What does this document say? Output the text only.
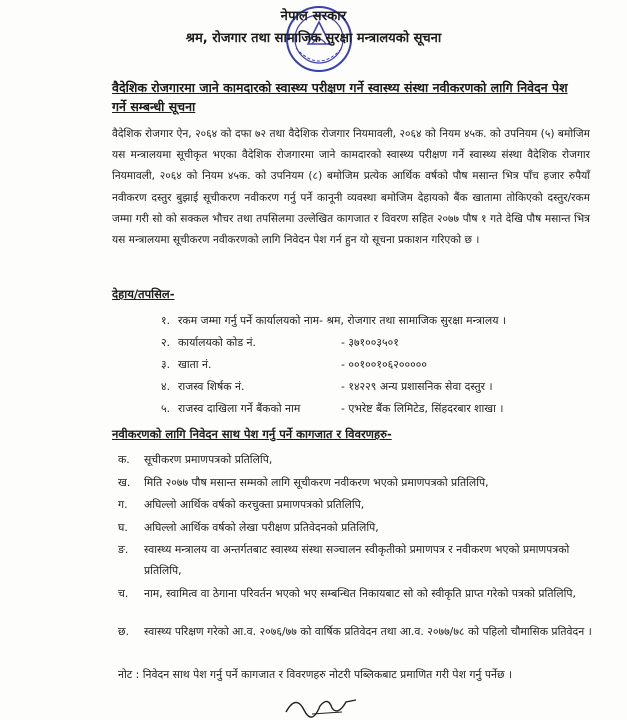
नेपाल सरकार
श्रम, रोजगार तथा सामाजिक सुरक्षा मन्त्रालयको सूचना
वैदेशिक रोजगारमा जाने कामदारको स्वास्थ्य परीक्षण गर्ने स्वास्थ्य संस्था नवीकरणको लागि निवेदन पेश गर्ने सम्बन्धी सूचना
वैदेशिक रोजगार ऐन, २०६४ को दफा ७२ तथा वैदेशिक रोजगार नियमावली, २०६४ को नियम ४५क. को उपनियम (५) बमोजिम यस मन्त्रालयमा सूचीकृत भएका वैदेशिक रोजगारमा जाने कामदारको स्वास्थ्य परीक्षण गर्ने स्वास्थ्य संस्था वैदेशिक रोजगार नियमावली, २०६४ को नियम ४५क. को उपनियम (८) बमोजिम प्रत्येक आर्थिक वर्षको पौष मसान्त भित्र पाँच हजार रुपैयाँ नवीकरण दस्तुर बुझाई सूचीकरण नवीकरण गर्नु पर्ने कानूनी व्यवस्था बमोजिम देहायको बैंक खातामा तोकिएको दस्तुर/रकम जम्मा गरी सो को सक्कल भौचर तथा तपसिलमा उल्लेखित कागजात र विवरण सहित २०७७ पौष १ गते देखि पौष मसान्त भित्र यस मन्त्रालयमा सूचीकरण नवीकरणको लागि निवेदन पेश गर्न हुन यो सूचना प्रकाशन गरिएको छ ।
देहाय/तपसिल-
१. रकम जम्मा गर्नु पर्ने कार्यालयको नाम- श्रम, रोजगार तथा सामाजिक सुरक्षा मन्त्रालय ।
२. कार्यालयको कोड नं.	- ३७१००३५०१
३. खाता नं.	- ००१००१०६२०००००
४. राजस्व शिर्षक नं.	- १४२२९ अन्य प्रशासनिक सेवा दस्तुर ।
५. राजस्व दाखिला गर्ने बैंकको नाम	- एभरेष्ट बैंक लिमिटेड, सिंहदरबार शाखा ।
नवीकरणको लागि निवेदन साथ पेश गर्नु पर्ने कागजात र विवरणहरु-
क.	सूचीकरण प्रमाणपत्रको प्रतिलिपि,
ख.	मिति २०७७ पौष मसान्त सम्मको लागि सूचीकरण नवीकरण भएको प्रमाणपत्रको प्रतिलिपि,
ग.	अघिल्लो आर्थिक वर्षको करचुक्ता प्रमाणपत्रको प्रतिलिपि,
घ.	अघिल्लो आर्थिक वर्षको लेखा परीक्षण प्रतिवेदनको प्रतिलिपि,
ङ.	स्वास्थ्य मन्त्रालय वा अन्तर्गतबाट स्वास्थ्य संस्था सञ्चालन स्वीकृतीको प्रमाणपत्र र नवीकरण भएको प्रमाणपत्रको प्रतिलिपि,
च.	नाम, स्वामित्व वा ठेगाना परिवर्तन भएको भए सम्बन्धित निकायबाट सो को स्वीकृति प्राप्त गरेको पत्रको प्रतिलिपि,
छ.	स्वास्थ्य परिक्षण गरेको आ.व. २०७६/७७ को वार्षिक प्रतिवेदन तथा आ.व. २०७७/७८ को पहिलो चौमासिक प्रतिवेदन ।
नोट : निवेदन साथ पेश गर्नु पर्ने कागजात र विवरणहरु नोटरी पब्लिकबाट प्रमाणित गरी पेश गर्नु पर्नेछ ।
